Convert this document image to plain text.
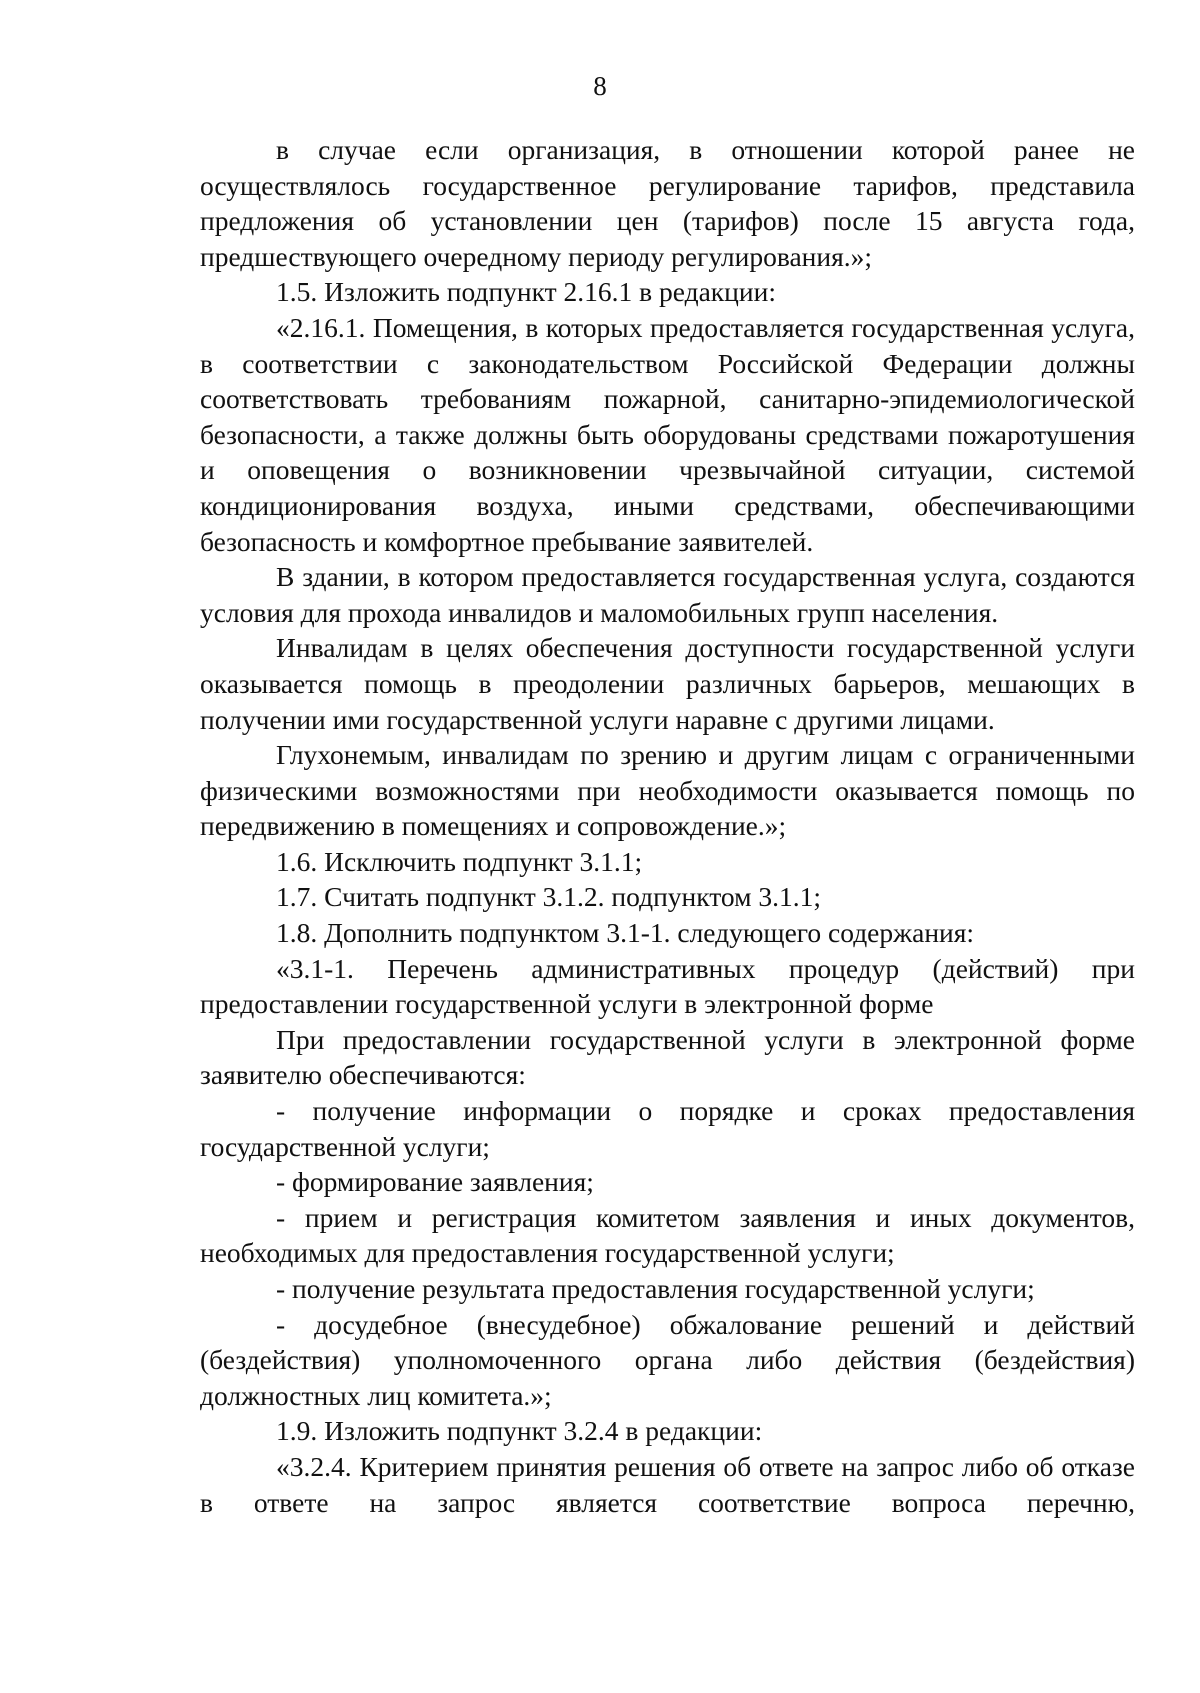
8

в случае если организация, в отношении которой ранее не осуществлялось государственное регулирование тарифов, представила предложения об установлении цен (тарифов) после 15 августа года, предшествующего очередному периоду регулирования.»;

1.5. Изложить подпункт 2.16.1 в редакции:

«2.16.1. Помещения, в которых предоставляется государственная услуга, в соответствии с законодательством Российской Федерации должны соответствовать требованиям пожарной, санитарно-эпидемиологической безопасности, а также должны быть оборудованы средствами пожаротушения и оповещения о возникновении чрезвычайной ситуации, системой кондиционирования воздуха, иными средствами, обеспечивающими безопасность и комфортное пребывание заявителей.

В здании, в котором предоставляется государственная услуга, создаются условия для прохода инвалидов и маломобильных групп населения.

Инвалидам в целях обеспечения доступности государственной услуги оказывается помощь в преодолении различных барьеров, мешающих в получении ими государственной услуги наравне с другими лицами.

Глухонемым, инвалидам по зрению и другим лицам с ограниченными физическими возможностями при необходимости оказывается помощь по передвижению в помещениях и сопровождение.»;

1.6. Исключить подпункт 3.1.1;

1.7. Считать подпункт 3.1.2. подпунктом 3.1.1;

1.8. Дополнить подпунктом 3.1-1. следующего содержания:

«3.1-1. Перечень административных процедур (действий) при предоставлении государственной услуги в электронной форме

При предоставлении государственной услуги в электронной форме заявителю обеспечиваются:

- получение информации о порядке и сроках предоставления государственной услуги;

- формирование заявления;

- прием и регистрация комитетом заявления и иных документов, необходимых для предоставления государственной услуги;

- получение результата предоставления государственной услуги;

- досудебное (внесудебное) обжалование решений и действий (бездействия) уполномоченного органа либо действия (бездействия) должностных лиц комитета.»;

1.9. Изложить подпункт 3.2.4 в редакции:

«3.2.4. Критерием принятия решения об ответе на запрос либо об отказе в ответе на запрос является соответствие вопроса перечню,
